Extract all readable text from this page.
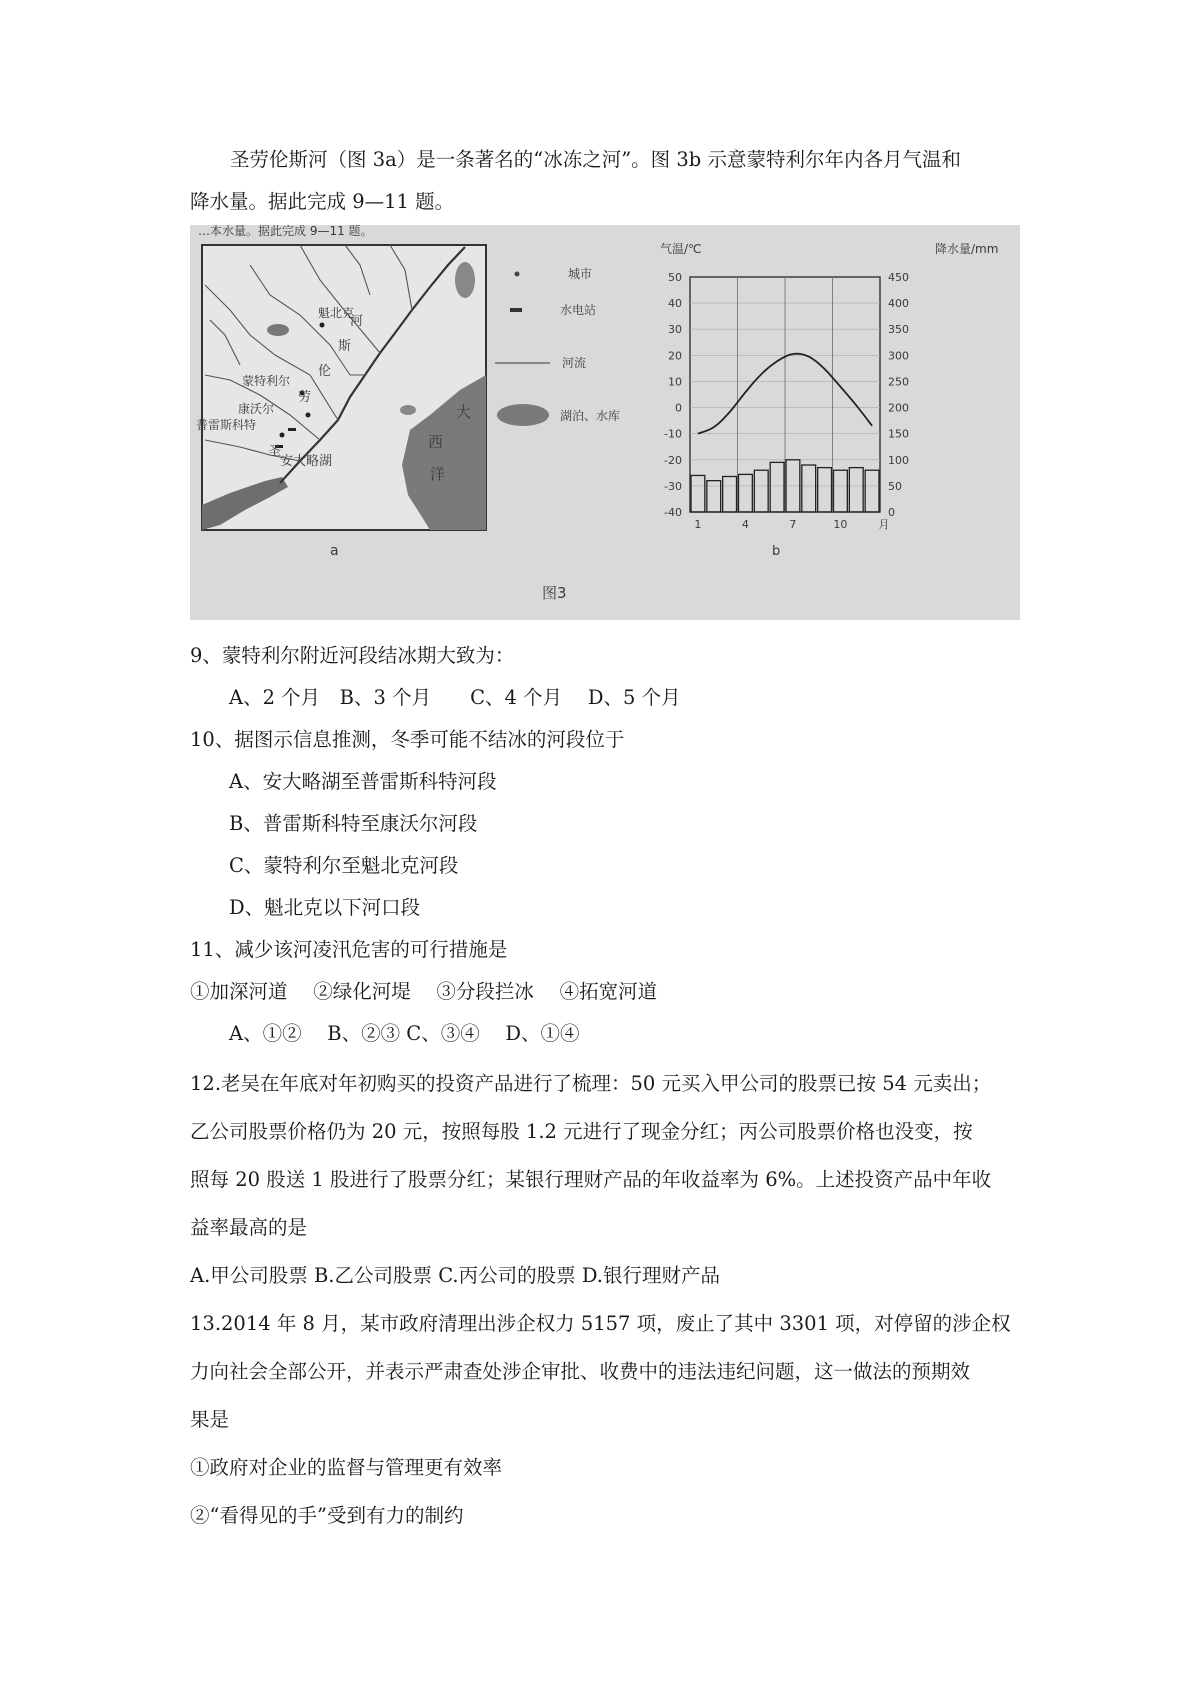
圣劳伦斯河（图 3a）是一条著名的“冰冻之河”。图 3b 示意蒙特利尔年内各月气温和
降水量。据此完成 9—11 题。
…本水量。据此完成 9—11 题。
魁北克
蒙特利尔
康沃尔
普雷斯科特
安大略湖
圣
劳
伦
斯
河
大
西
洋
a
城市
水电站
河流
湖泊、水库
气温/℃	降水量/mm
50
40
30
20
10
0
-10
-20
-30
-40
450
400
350
300
250
200
150
100
50
0
1	4	7	10	月
b
图3
9、蒙特利尔附近河段结冰期大致为：
A、2 个月　B、3 个月　　C、4 个月　 D、5 个月
10、据图示信息推测，冬季可能不结冰的河段位于
A、安大略湖至普雷斯科特河段
B、普雷斯科特至康沃尔河段
C、蒙特利尔至魁北克河段
D、魁北克以下河口段
11、减少该河凌汛危害的可行措施是
①加深河道　 ②绿化河堤　 ③分段拦冰　 ④拓宽河道
A、①②　 B、②③ C、③④　 D、①④
12.老吴在年底对年初购买的投资产品进行了梳理：50 元买入甲公司的股票已按 54 元卖出；
乙公司股票价格仍为 20 元，按照每股 1.2 元进行了现金分红；丙公司股票价格也没变，按
照每 20 股送 1 股进行了股票分红；某银行理财产品的年收益率为 6%。上述投资产品中年收
益率最高的是
A.甲公司股票 B.乙公司股票 C.丙公司的股票 D.银行理财产品
13.2014 年 8 月，某市政府清理出涉企权力 5157 项，废止了其中 3301 项，对停留的涉企权
力向社会全部公开，并表示严肃查处涉企审批、收费中的违法违纪问题，这一做法的预期效
果是
①政府对企业的监督与管理更有效率
②“看得见的手”受到有力的制约
